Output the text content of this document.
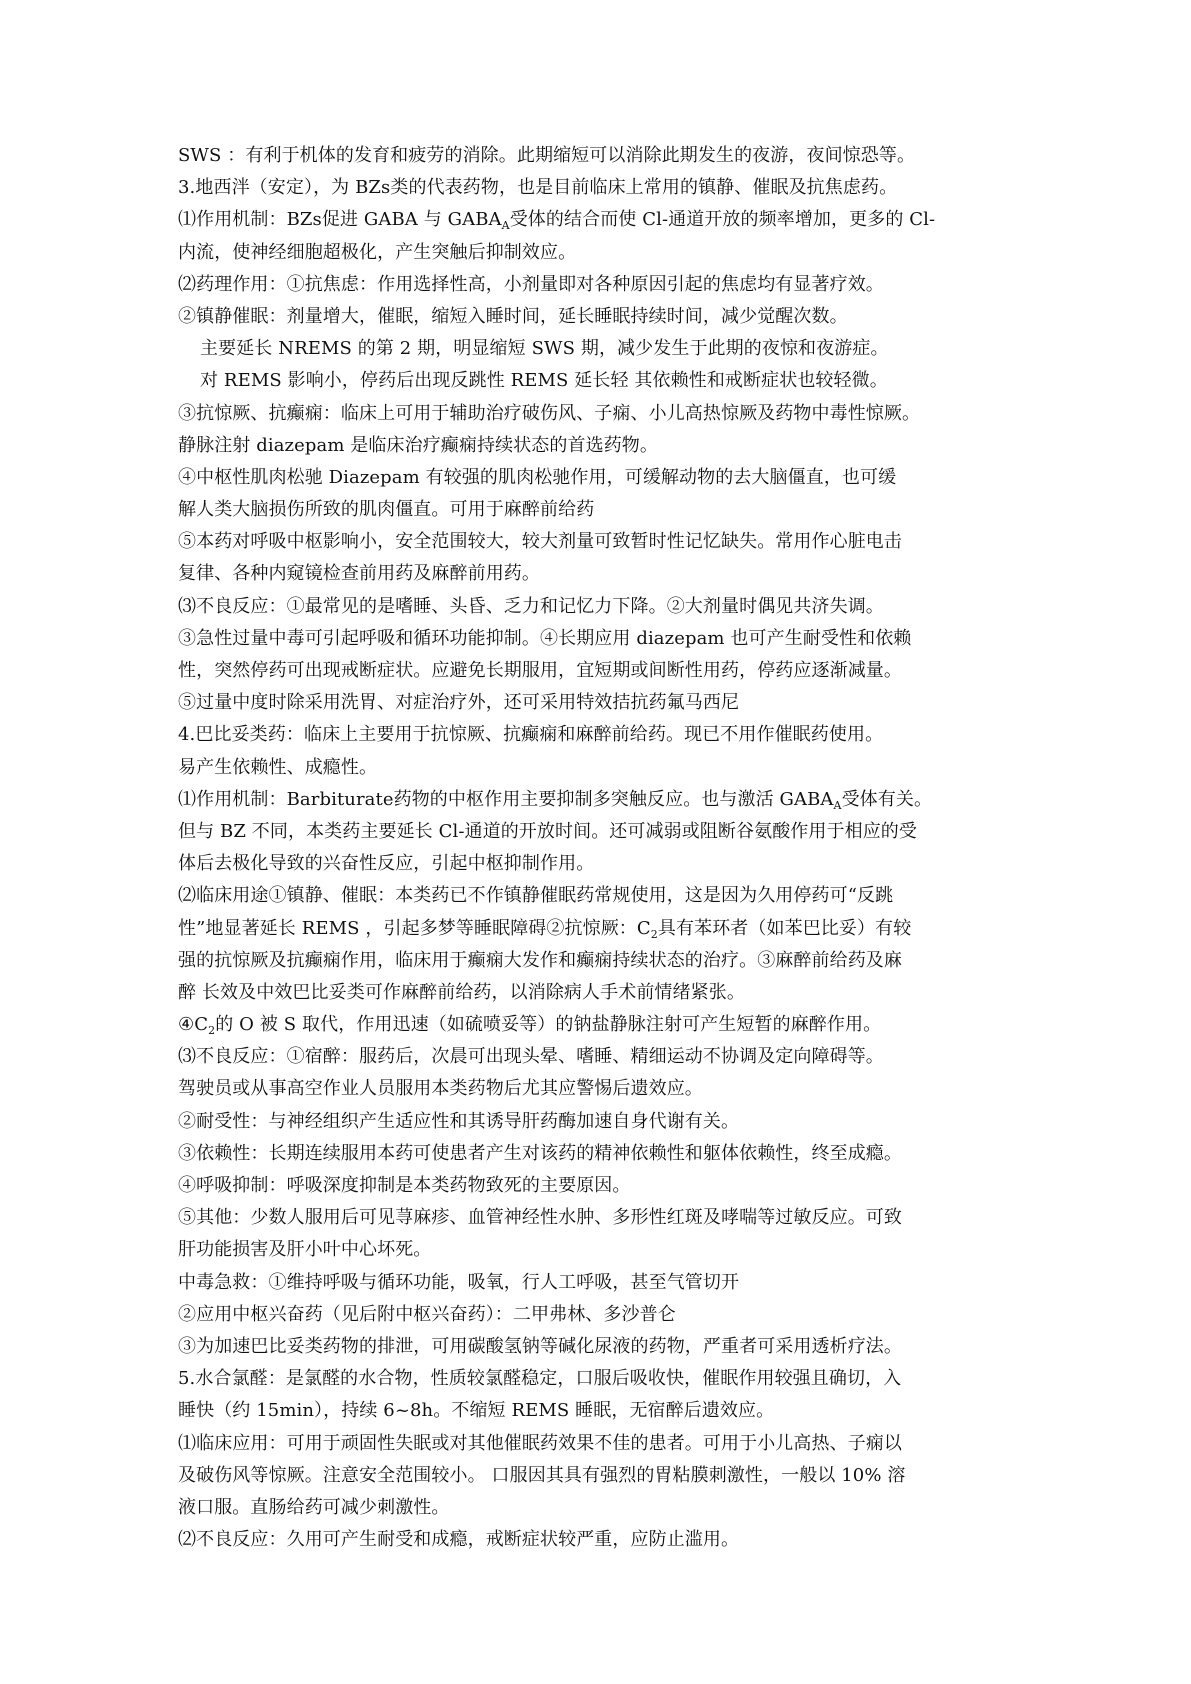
SWS ：有利于机体的发育和疲劳的消除。此期缩短可以消除此期发生的夜游，夜间惊恐等。
3.地西泮（安定），为 BZs类的代表药物，也是目前临床上常用的镇静、催眠及抗焦虑药。
⑴作用机制：BZs促进 GABA 与 $GABA_A$受体的结合而使 Cl-通道开放的频率增加，更多的 Cl-
内流，使神经细胞超极化，产生突触后抑制效应。
⑵药理作用：①抗焦虑：作用选择性高，小剂量即对各种原因引起的焦虑均有显著疗效。
②镇静催眠：剂量增大，催眠，缩短入睡时间，延长睡眠持续时间，减少觉醒次数。
主要延长 NREMS 的第 2 期，明显缩短 SWS 期，减少发生于此期的夜惊和夜游症。
对 REMS 影响小，停药后出现反跳性 REMS 延长轻 其依赖性和戒断症状也较轻微。
③抗惊厥、抗癫痫：临床上可用于辅助治疗破伤风、子痫、小儿高热惊厥及药物中毒性惊厥。
静脉注射 diazepam 是临床治疗癫痫持续状态的首选药物。
④中枢性肌肉松驰 Diazepam 有较强的肌肉松驰作用，可缓解动物的去大脑僵直，也可缓
解人类大脑损伤所致的肌肉僵直。可用于麻醉前给药
⑤本药对呼吸中枢影响小，安全范围较大，较大剂量可致暂时性记忆缺失。常用作心脏电击
复律、各种内窥镜检查前用药及麻醉前用药。
⑶不良反应：①最常见的是嗜睡、头昏、乏力和记忆力下降。②大剂量时偶见共济失调。
③急性过量中毒可引起呼吸和循环功能抑制。④长期应用 diazepam 也可产生耐受性和依赖
性，突然停药可出现戒断症状。应避免长期服用，宜短期或间断性用药，停药应逐渐减量。
⑤过量中度时除采用洗胃、对症治疗外，还可采用特效拮抗药氟马西尼
4.巴比妥类药：临床上主要用于抗惊厥、抗癫痫和麻醉前给药。现已不用作催眠药使用。
易产生依赖性、成瘾性。
⑴作用机制：Barbiturate药物的中枢作用主要抑制多突触反应。也与激活 $GABA_A$受体有关。
但与 BZ 不同，本类药主要延长 Cl-通道的开放时间。还可减弱或阻断谷氨酸作用于相应的受
体后去极化导致的兴奋性反应，引起中枢抑制作用。
⑵临床用途①镇静、催眠：本类药已不作镇静催眠药常规使用，这是因为久用停药可“反跳
性”地显著延长 REMS ，引起多梦等睡眠障碍②抗惊厥：$C_2$具有苯环者（如苯巴比妥）有较
强的抗惊厥及抗癫痫作用，临床用于癫痫大发作和癫痫持续状态的治疗。③麻醉前给药及麻
醉 长效及中效巴比妥类可作麻醉前给药，以消除病人手术前情绪紧张。
$④C_2$的 O 被 S 取代，作用迅速（如硫喷妥等）的钠盐静脉注射可产生短暂的麻醉作用。
⑶不良反应：①宿醉：服药后，次晨可出现头晕、嗜睡、精细运动不协调及定向障碍等。
驾驶员或从事高空作业人员服用本类药物后尤其应警惕后遗效应。
②耐受性：与神经组织产生适应性和其诱导肝药酶加速自身代谢有关。
③依赖性：长期连续服用本药可使患者产生对该药的精神依赖性和躯体依赖性，终至成瘾。
④呼吸抑制：呼吸深度抑制是本类药物致死的主要原因。
⑤其他：少数人服用后可见荨麻疹、血管神经性水肿、多形性红斑及哮喘等过敏反应。可致
肝功能损害及肝小叶中心坏死。
中毒急救：①维持呼吸与循环功能，吸氧，行人工呼吸，甚至气管切开
②应用中枢兴奋药（见后附中枢兴奋药）：二甲弗林、多沙普仑
③为加速巴比妥类药物的排泄，可用碳酸氢钠等碱化尿液的药物，严重者可采用透析疗法。
5.水合氯醛：是氯醛的水合物，性质较氯醛稳定，口服后吸收快，催眠作用较强且确切，入
睡快（约 15min），持续 6~8h。不缩短 REMS 睡眠，无宿醉后遗效应。
⑴临床应用：可用于顽固性失眠或对其他催眠药效果不佳的患者。可用于小儿高热、子痫以
及破伤风等惊厥。注意安全范围较小。 口服因其具有强烈的胃粘膜刺激性，一般以 10% 溶
液口服。直肠给药可减少刺激性。
⑵不良反应：久用可产生耐受和成瘾，戒断症状较严重，应防止滥用。
